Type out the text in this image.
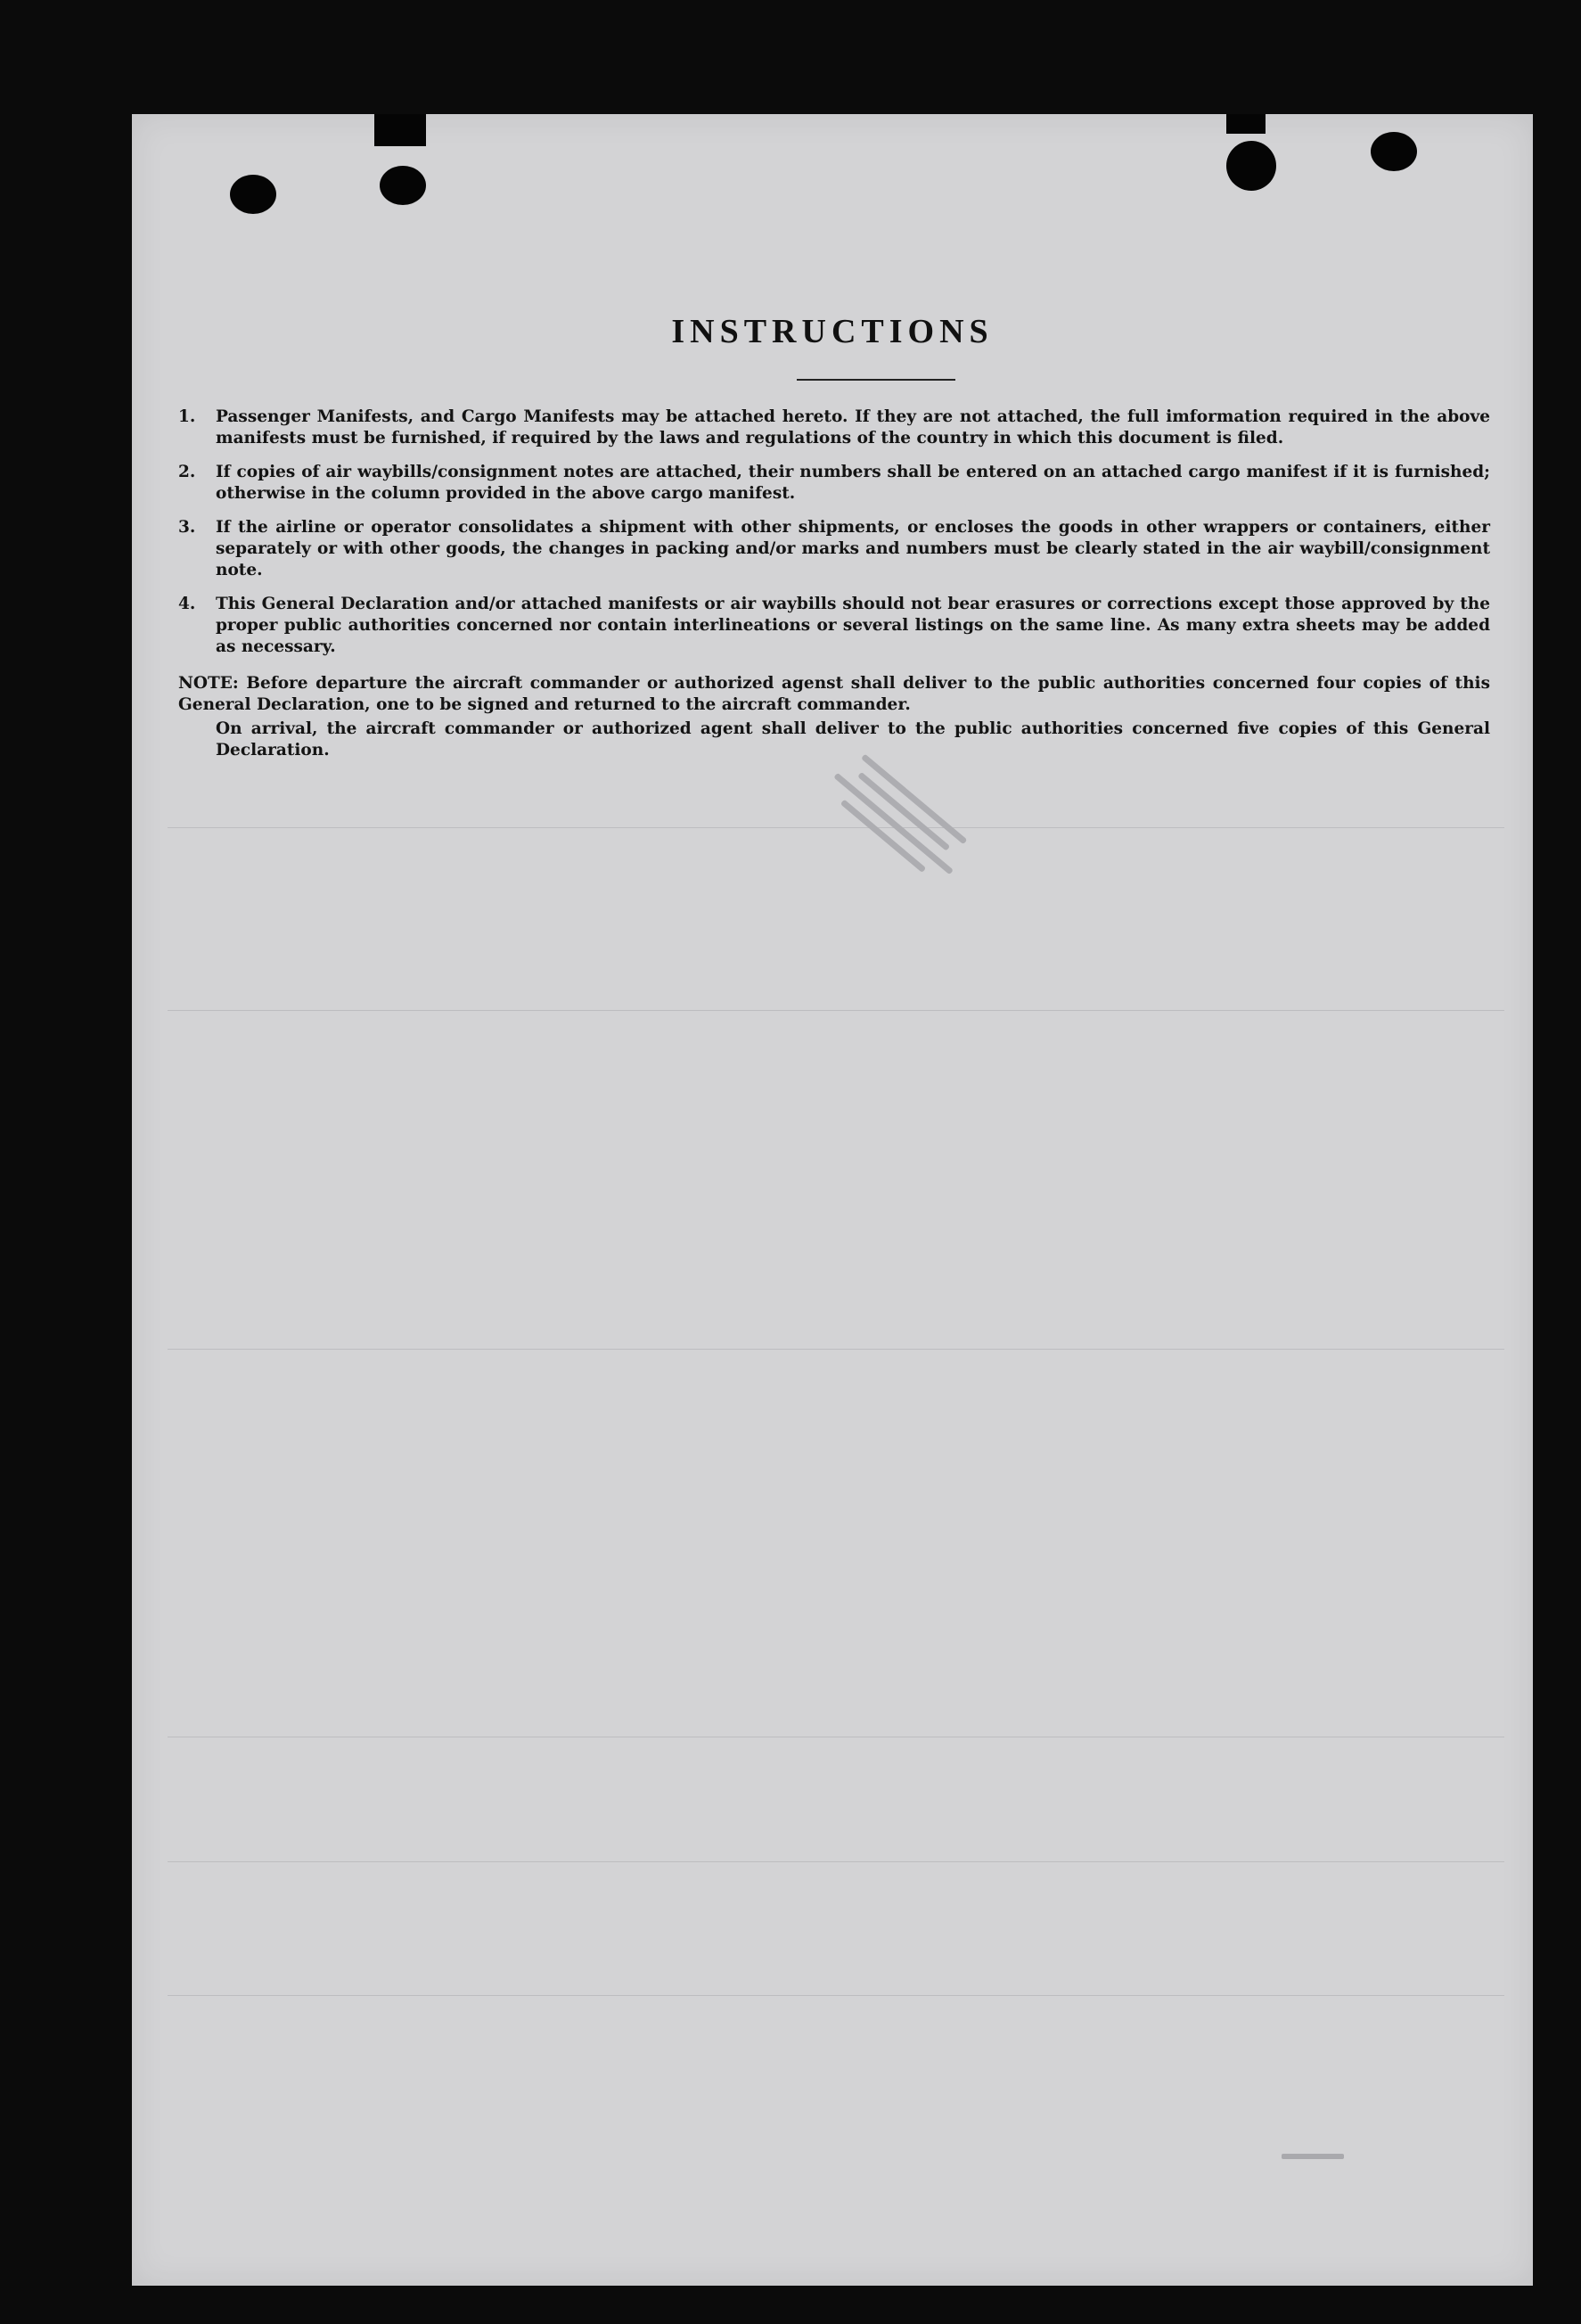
INSTRUCTIONS
1.	Passenger Manifests, and Cargo Manifests may be attached hereto. If they are not attached, the full imformation required in the above manifests must be furnished, if required by the laws and regulations of the country in which this document is filed.
2.	If copies of air waybills/consignment notes are attached, their numbers shall be entered on an attached cargo manifest if it is furnished; otherwise in the column provided in the above cargo manifest.
3.	If the airline or operator consolidates a shipment with other shipments, or encloses the goods in other wrappers or containers, either separately or with other goods, the changes in packing and/or marks and numbers must be clearly stated in the air waybill/consignment note.
4.	This General Declaration and/or attached manifests or air waybills should not bear erasures or corrections except those approved by the proper public authorities concerned nor contain interlineations or several listings on the same line. As many extra sheets may be added as necessary.

NOTE: Before departure the aircraft commander or authorized agenst shall deliver to the public authorities concerned four copies of this General Declaration, one to be signed and returned to the aircraft commander.

On arrival, the aircraft commander or authorized agent shall deliver to the public authorities concerned five copies of this General Declaration.
